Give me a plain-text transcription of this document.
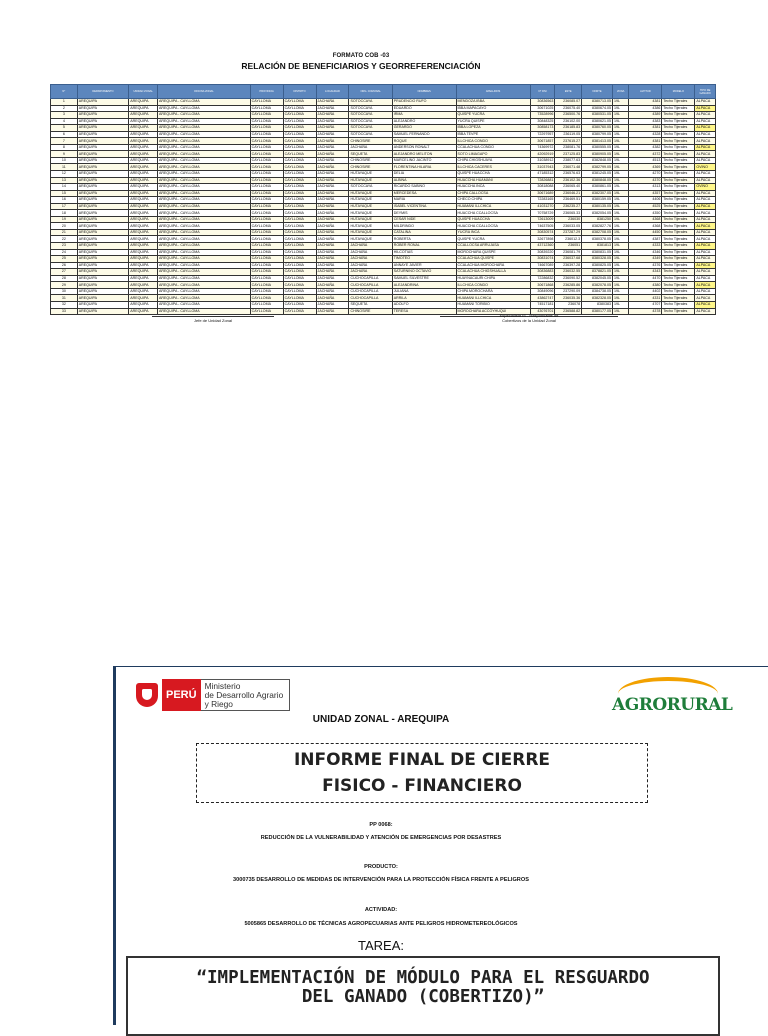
FORMATO COB -03
RELACIÓN DE BENEFICIARIOS Y GEORREFERENCIACIÓN
N°	DEPARTAMENTO	UNIDAD ZONAL	OFICINA ZONAL	PROVINCIA	DISTRITO	LOCALIDAD	ORG. COMUNAL	NOMBRES	APELLIDOS	N° DNI	ESTE	NORTE	ZONA	ALTITUD	MODELO	TIPO DE GANADO
1	AREQUIPA	AREQUIPA	AREQUIPA - CAYLLOMA	CAYLLOMA	CAYLLOMA	JACHAÑA	SOTOCCAYA	PRUDENCIO RUFO	MENDOZA IBBA	30836563	236085.07	8380713.05	19L	4381	Techo Tijerales	ALPACA
2	AREQUIPA	AREQUIPA	AREQUIPA - CAYLLOMA	CAYLLOMA	CAYLLOMA	JACHAÑA	SOTOCCAYA	EDUARDO	IBBA MAPACAYO	30671025	236075.40	8380674.05	19L	4386	Techo Tijerales	ALPACA
3	AREQUIPA	AREQUIPA	AREQUIPA - CAYLLOMA	CAYLLOMA	CAYLLOMA	JACHAÑA	SOTOCCAYA	IRMA	QUISPE YUCRA	73528996	236500.76	8380531.05	19L	4389	Techo Tijerales	ALPACA
4	AREQUIPA	AREQUIPA	AREQUIPA - CAYLLOMA	CAYLLOMA	CAYLLOMA	JACHAÑA	SOTOCCAYA	ALEJANDRO	YUCRA QUISPE	30848325	236102.00	8380621.05	19L	4383	Techo Tijerales	ALPACA
5	AREQUIPA	AREQUIPA	AREQUIPA - CAYLLOMA	CAYLLOMA	CAYLLOMA	JACHAÑA	SOTOCCAYA	GERARDO	IBBA LOPEZA	30858173	236185.83	8380760.05	19L	4381	Techo Tijerales	ALPACA
6	AREQUIPA	AREQUIPA	AREQUIPA - CAYLLOMA	CAYLLOMA	CAYLLOMA	JACHAÑA	SOTOCCAYA	SAMUEL FERNANDO	IBBA TEVPE	72297957	236119.05	8380799.05	19L	4328	Techo Tijerales	ALPACA
7	AREQUIPA	AREQUIPA	AREQUIPA - CAYLLOMA	CAYLLOMA	CAYLLOMA	JACHAÑA	CHINOSIRE	ROQUE	ILLCHICA CONDO	30671857	237615.27	8381413.05	19L	4381	Techo Tijerales	ALPACA
8	AREQUIPA	AREQUIPA	AREQUIPA - CAYLLOMA	CAYLLOMA	CAYLLOMA	JACHAÑA	JACHAÑA	ANDERSON RONALT	CCALACHUA CONDO	74369972	238081.76	8380555.05	19L	4382	Techo Tijerales	ALPACA
9	AREQUIPA	AREQUIPA	AREQUIPA - CAYLLOMA	CAYLLOMA	CAYLLOMA	JACHAÑA	SEQUETA	ALEJANDRO MELITON	SOTO LIMAGAPO	42092919	237125.83	8380905.05	19L	4372	Techo Tijerales	ALPACA
10	AREQUIPA	AREQUIPA	AREQUIPA - CAYLLOMA	CAYLLOMA	CAYLLOMA	JACHAÑA	CHINOSIRE	MARCELINO JACINTO	CHIPA CHIGSHUAYA	31038912	238077.63	8382848.05	19L	4513	Techo Tijerales	ALPACA
11	AREQUIPA	AREQUIPA	AREQUIPA - CAYLLOMA	CAYLLOMA	CAYLLOMA	JACHAÑA	CHINOSIRE	FLORENTINA HILARIA	ILLCHICA CACERES	31037943	236071.48	8382799.05	19L	4369	Techo Tijerales	OVINO
12	AREQUIPA	AREQUIPA	AREQUIPA - CAYLLOMA	CAYLLOMA	CAYLLOMA	JACHAÑA	HUTAYAQUE	DELIA	QUISPE HUACCHA	47185312	236576.63	8381245.05	19L	4270	Techo Tijerales	ALPACA
13	AREQUIPA	AREQUIPA	AREQUIPA - CAYLLOMA	CAYLLOMA	CAYLLOMA	JACHAÑA	HUTAYAQUE	ALBINA	HUACCHA HUAMANI	72826881	236102.36	8380848.05	19L	4370	Techo Tijerales	ALPACA
14	AREQUIPA	AREQUIPA	AREQUIPA - CAYLLOMA	CAYLLOMA	CAYLLOMA	JACHAÑA	SOTOCCAYA	RICARDO SABINO	HUACCHA INCA	30818088	236065.40	8380861.05	19L	4313	Techo Tijerales	OVINO
15	AREQUIPA	AREQUIPA	AREQUIPA - CAYLLOMA	CAYLLOMA	CAYLLOMA	JACHAÑA	HUTAYAQUE	MERCEDESA	CHIPA CALLOCSA	30671689	236046.21	8382307.05	19L	4357	Techo Tijerales	ALPACA
16	AREQUIPA	AREQUIPA	AREQUIPA - CAYLLOMA	CAYLLOMA	CAYLLOMA	JACHAÑA	HUTAYAQUE	MARIA	CHECO CHIPA	72283165	236469.51	8380159.05	19L	4406	Techo Tijerales	ALPACA
17	AREQUIPA	AREQUIPA	AREQUIPA - CAYLLOMA	CAYLLOMA	CAYLLOMA	JACHAÑA	HUTAYAQUE	ISABEL VICENTINA	HUAMANI ILLCHICA	41031270	236235.27	8380135.05	19L	4525	Techo Tijerales	ALPACA
18	AREQUIPA	AREQUIPA	AREQUIPA - CAYLLOMA	CAYLLOMA	CAYLLOMA	JACHAÑA	HUTAYAQUE	DEYMIS	HUACCHA CCALLOCSA	70758729	236065.33	8382054.05	19L	4350	Techo Tijerales	ALPACA
19	AREQUIPA	AREQUIPA	AREQUIPA - CAYLLOMA	CAYLLOMA	CAYLLOMA	JACHAÑA	HUTAYAQUE	CESAR NIDE	QUISPE HUACCHA	72613009	236030	8381250	19L	4368	Techo Tijerales	ALPACA
20	AREQUIPA	AREQUIPA	AREQUIPA - CAYLLOMA	CAYLLOMA	CAYLLOMA	JACHAÑA	HUTAYAQUE	MILDRINDO	HUACCHA CCALLOCSA	74637505	236033.05	8382827.76	19L	4368	Techo Tijerales	ALPACA
21	AREQUIPA	AREQUIPA	AREQUIPA - CAYLLOMA	CAYLLOMA	CAYLLOMA	JACHAÑA	HUTAYAQUE	CATALINA	YUCRA INCA	30830574	237287.29	8382708.05	19L	4450	Techo Tijerales	ALPACA
22	AREQUIPA	AREQUIPA	AREQUIPA - CAYLLOMA	CAYLLOMA	CAYLLOMA	JACHAÑA	HUTAYAQUE	ROBERTA	QUISPE YUCRA	32677898	236012.3	8380378.05	19L	4387	Techo Tijerales	ALPACA
23	AREQUIPA	AREQUIPA	AREQUIPA - CAYLLOMA	CAYLLOMA	CAYLLOMA	JACHAÑA	JACHAÑA	ROBER RONAL	CCALLOCSA ARRUJASA	43712360	236051	8381813	19L	4333	Techo Tijerales	ALPACA
24	AREQUIPA	AREQUIPA	AREQUIPA - CAYLLOMA	CAYLLOMA	CAYLLOMA	JACHAÑA	JACHAÑA	HILCOTIAS	MOROCHARA QUISPE	30839220	236081.79	8380831.05	19L	4346	Techo Tijerales	ALPACA
25	AREQUIPA	AREQUIPA	AREQUIPA - CAYLLOMA	CAYLLOMA	CAYLLOMA	JACHAÑA	JACHAÑA	TIMOTEO	CCALACHUA QUISPE	30831074	236037.68	8380328.05	19L	4349	Techo Tijerales	ALPACA
26	AREQUIPA	AREQUIPA	AREQUIPA - CAYLLOMA	CAYLLOMA	CAYLLOMA	JACHAÑA	JACHAÑA	ANNAYE JAVIER	CCALACHUA MOROCHARA	74667089	236397.28	8380825.05	19L	4376	Techo Tijerales	ALPACA
27	AREQUIPA	AREQUIPA	AREQUIPA - CAYLLOMA	CAYLLOMA	CAYLLOMA	JACHAÑA	JACHAÑA	SATURNINO OCTAVIO	CCALACHUA CHIGSHUALLA	30836883	236032.55	8378821.05	19L	4343	Techo Tijerales	ALPACA
28	AREQUIPA	AREQUIPA	AREQUIPA - CAYLLOMA	CAYLLOMA	CAYLLOMA	JACHAÑA	CUCHOCAPILLA	SAMUEL SILVESTRE	HUAYNACAURI CHIPA	72286832	236090.52	8382045.05	19L	4470	Techo Tijerales	ALPACA
29	AREQUIPA	AREQUIPA	AREQUIPA - CAYLLOMA	CAYLLOMA	CAYLLOMA	JACHAÑA	CUCHOCAPILLA	ALEJANDRINA	ILLCHICA CONDO	30671868	236285.86	8382078.05	19L	4380	Techo Tijerales	ALPACA
30	AREQUIPA	AREQUIPA	AREQUIPA - CAYLLOMA	CAYLLOMA	CAYLLOMA	JACHAÑA	CUCHOCAPILLA	JULIANA	CHIPA MOROCHARA	30849096	237290.09	8384738.05	19L	4402	Techo Tijerales	ALPACA
31	AREQUIPA	AREQUIPA	AREQUIPA - CAYLLOMA	CAYLLOMA	CAYLLOMA	JACHAÑA	CUCHOCAPILLA	ARRILA	HUAMANI ILLCHICA	43862747	236035.36	8382328.05	19L	4331	Techo Tijerales	ALPACA
32	AREQUIPA	AREQUIPA	AREQUIPA - CAYLLOMA	CAYLLOMA	CAYLLOMA	JACHAÑA	SEQUETA	ADOLFO	HUAMANI TORIBIO	74517181	236078	8380383	19L	4707	Techo Tijerales	ALPACA
33	AREQUIPA	AREQUIPA	AREQUIPA - CAYLLOMA	CAYLLOMA	CAYLLOMA	JACHAÑA	CHINOSIRE	TERESA	MOROCHARA ACCOYHUQUI	43076701	236588.82	8380177.05	19L	4378	Techo Tijerales	ALPACA
Jefe de Unidad Zonal
Especialista IS - Responsable de
Cobertizos de la Unidad Zonal
PERÚ
Ministerio
de Desarrollo Agrario
y Riego	AGRORURAL
UNIDAD ZONAL - AREQUIPA
INFORME FINAL DE CIERRE
FISICO - FINANCIERO
PP 0068:
REDUCCIÓN DE LA VULNERABILIDAD Y ATENCIÓN DE EMERGENCIAS POR DESASTRES
PRODUCTO:
3000735 DESARROLLO DE MEDIDAS DE INTERVENCIÓN PARA LA PROTECCIÓN FÍSICA FRENTE A PELIGROS
ACTIVIDAD:
5005865 DESARROLLO DE TÉCNICAS AGROPECUARIAS ANTE PELIGROS HIDROMETEREOLÓGICOS
TAREA:
“IMPLEMENTACIÓN DE MÓDULO PARA EL RESGUARDO
DEL GANADO (COBERTIZO)”
